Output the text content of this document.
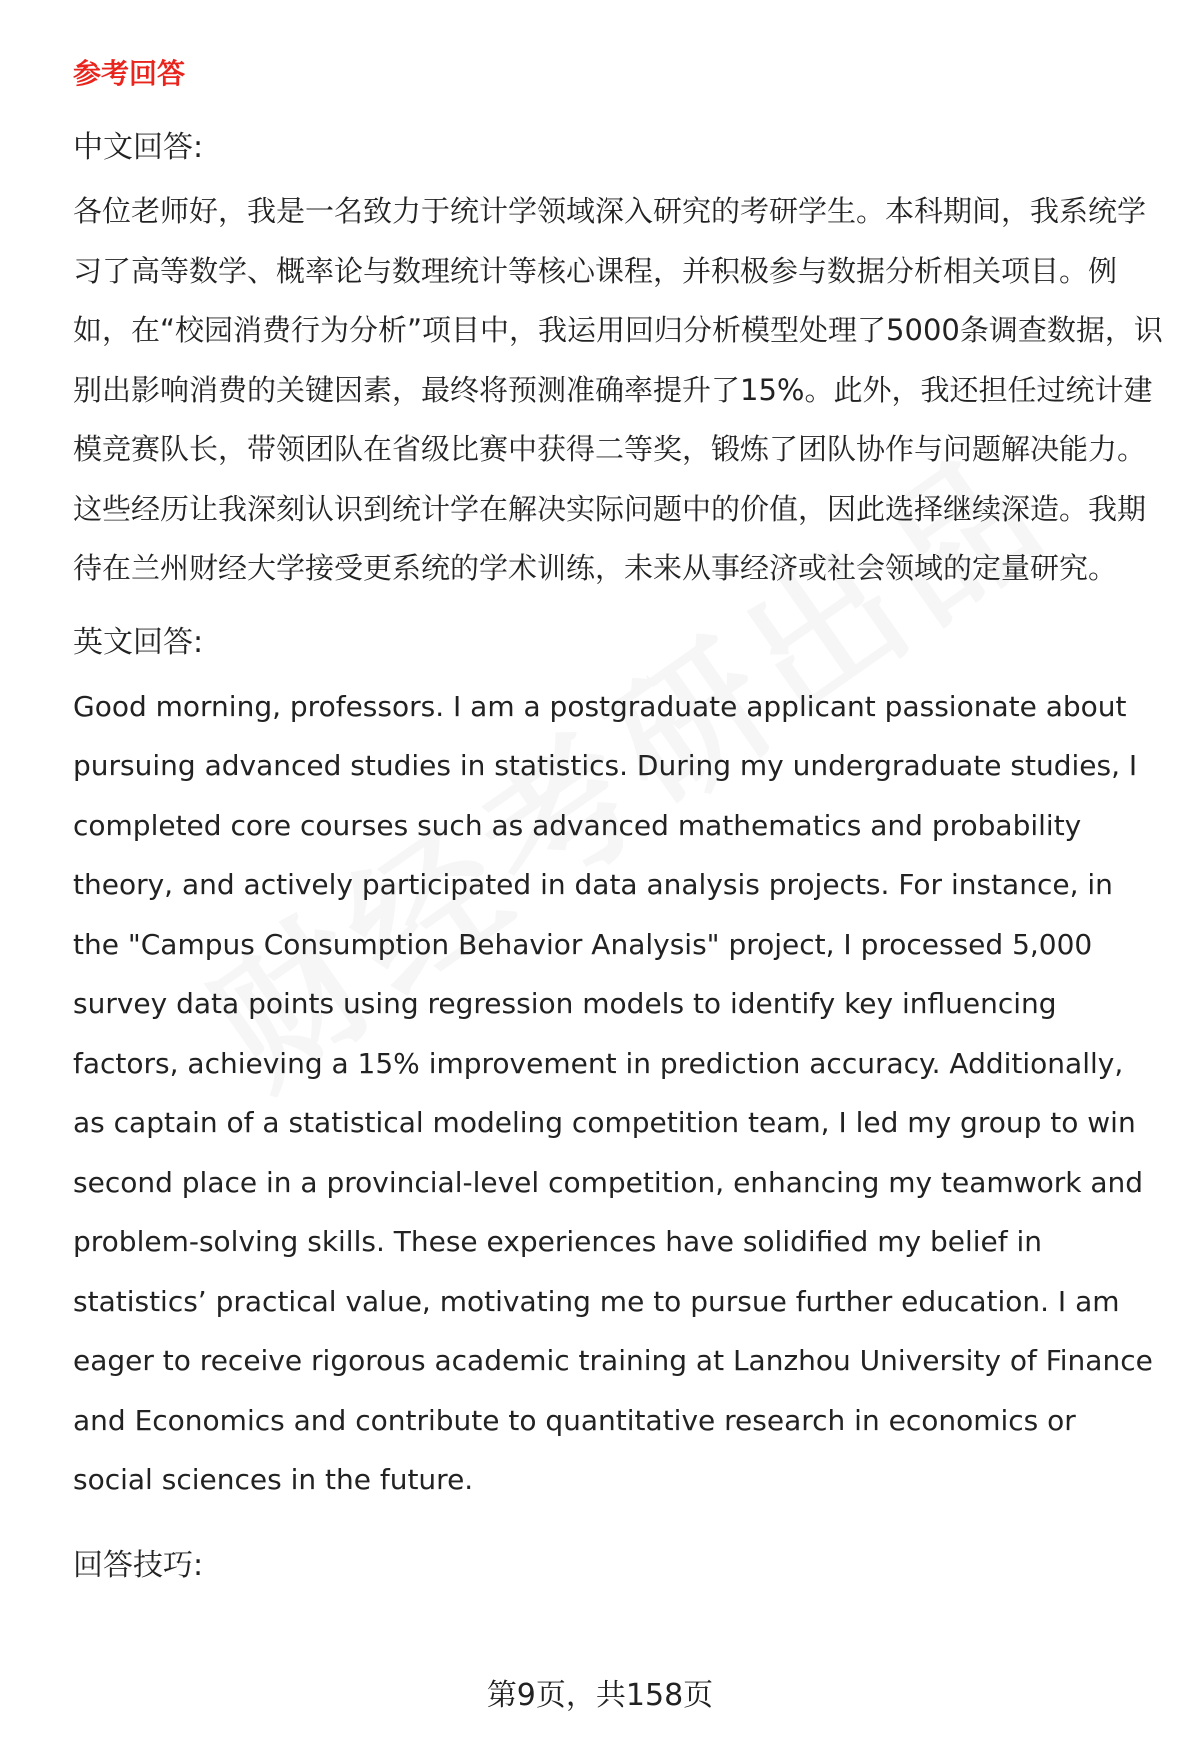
参考回答
中文回答:

各位老师好，我是一名致力于统计学领域深入研究的考研学生。本科期间，我系统学习了高等数学、概率论与数理统计等核心课程，并积极参与数据分析相关项目。例如，在“校园消费行为分析”项目中，我运用回归分析模型处理了5000条调查数据，识别出影响消费的关键因素，最终将预测准确率提升了15%。此外，我还担任过统计建模竞赛队长，带领团队在省级比赛中获得二等奖，锻炼了团队协作与问题解决能力。这些经历让我深刻认识到统计学在解决实际问题中的价值，因此选择继续深造。我期待在兰州财经大学接受更系统的学术训练，未来从事经济或社会领域的定量研究。

英文回答:

Good morning, professors. I am a postgraduate applicant passionate about pursuing advanced studies in statistics. During my undergraduate studies, I completed core courses such as advanced mathematics and probability theory, and actively participated in data analysis projects. For instance, in the "Campus Consumption Behavior Analysis" project, I processed 5,000 survey data points using regression models to identify key influencing factors, achieving a 15% improvement in prediction accuracy. Additionally, as captain of a statistical modeling competition team, I led my group to win second place in a provincial-level competition, enhancing my teamwork and problem-solving skills. These experiences have solidified my belief in statistics’ practical value, motivating me to pursue further education. I am eager to receive rigorous academic training at Lanzhou University of Finance and Economics and contribute to quantitative research in economics or social sciences in the future.

回答技巧:
第9页，共158页
